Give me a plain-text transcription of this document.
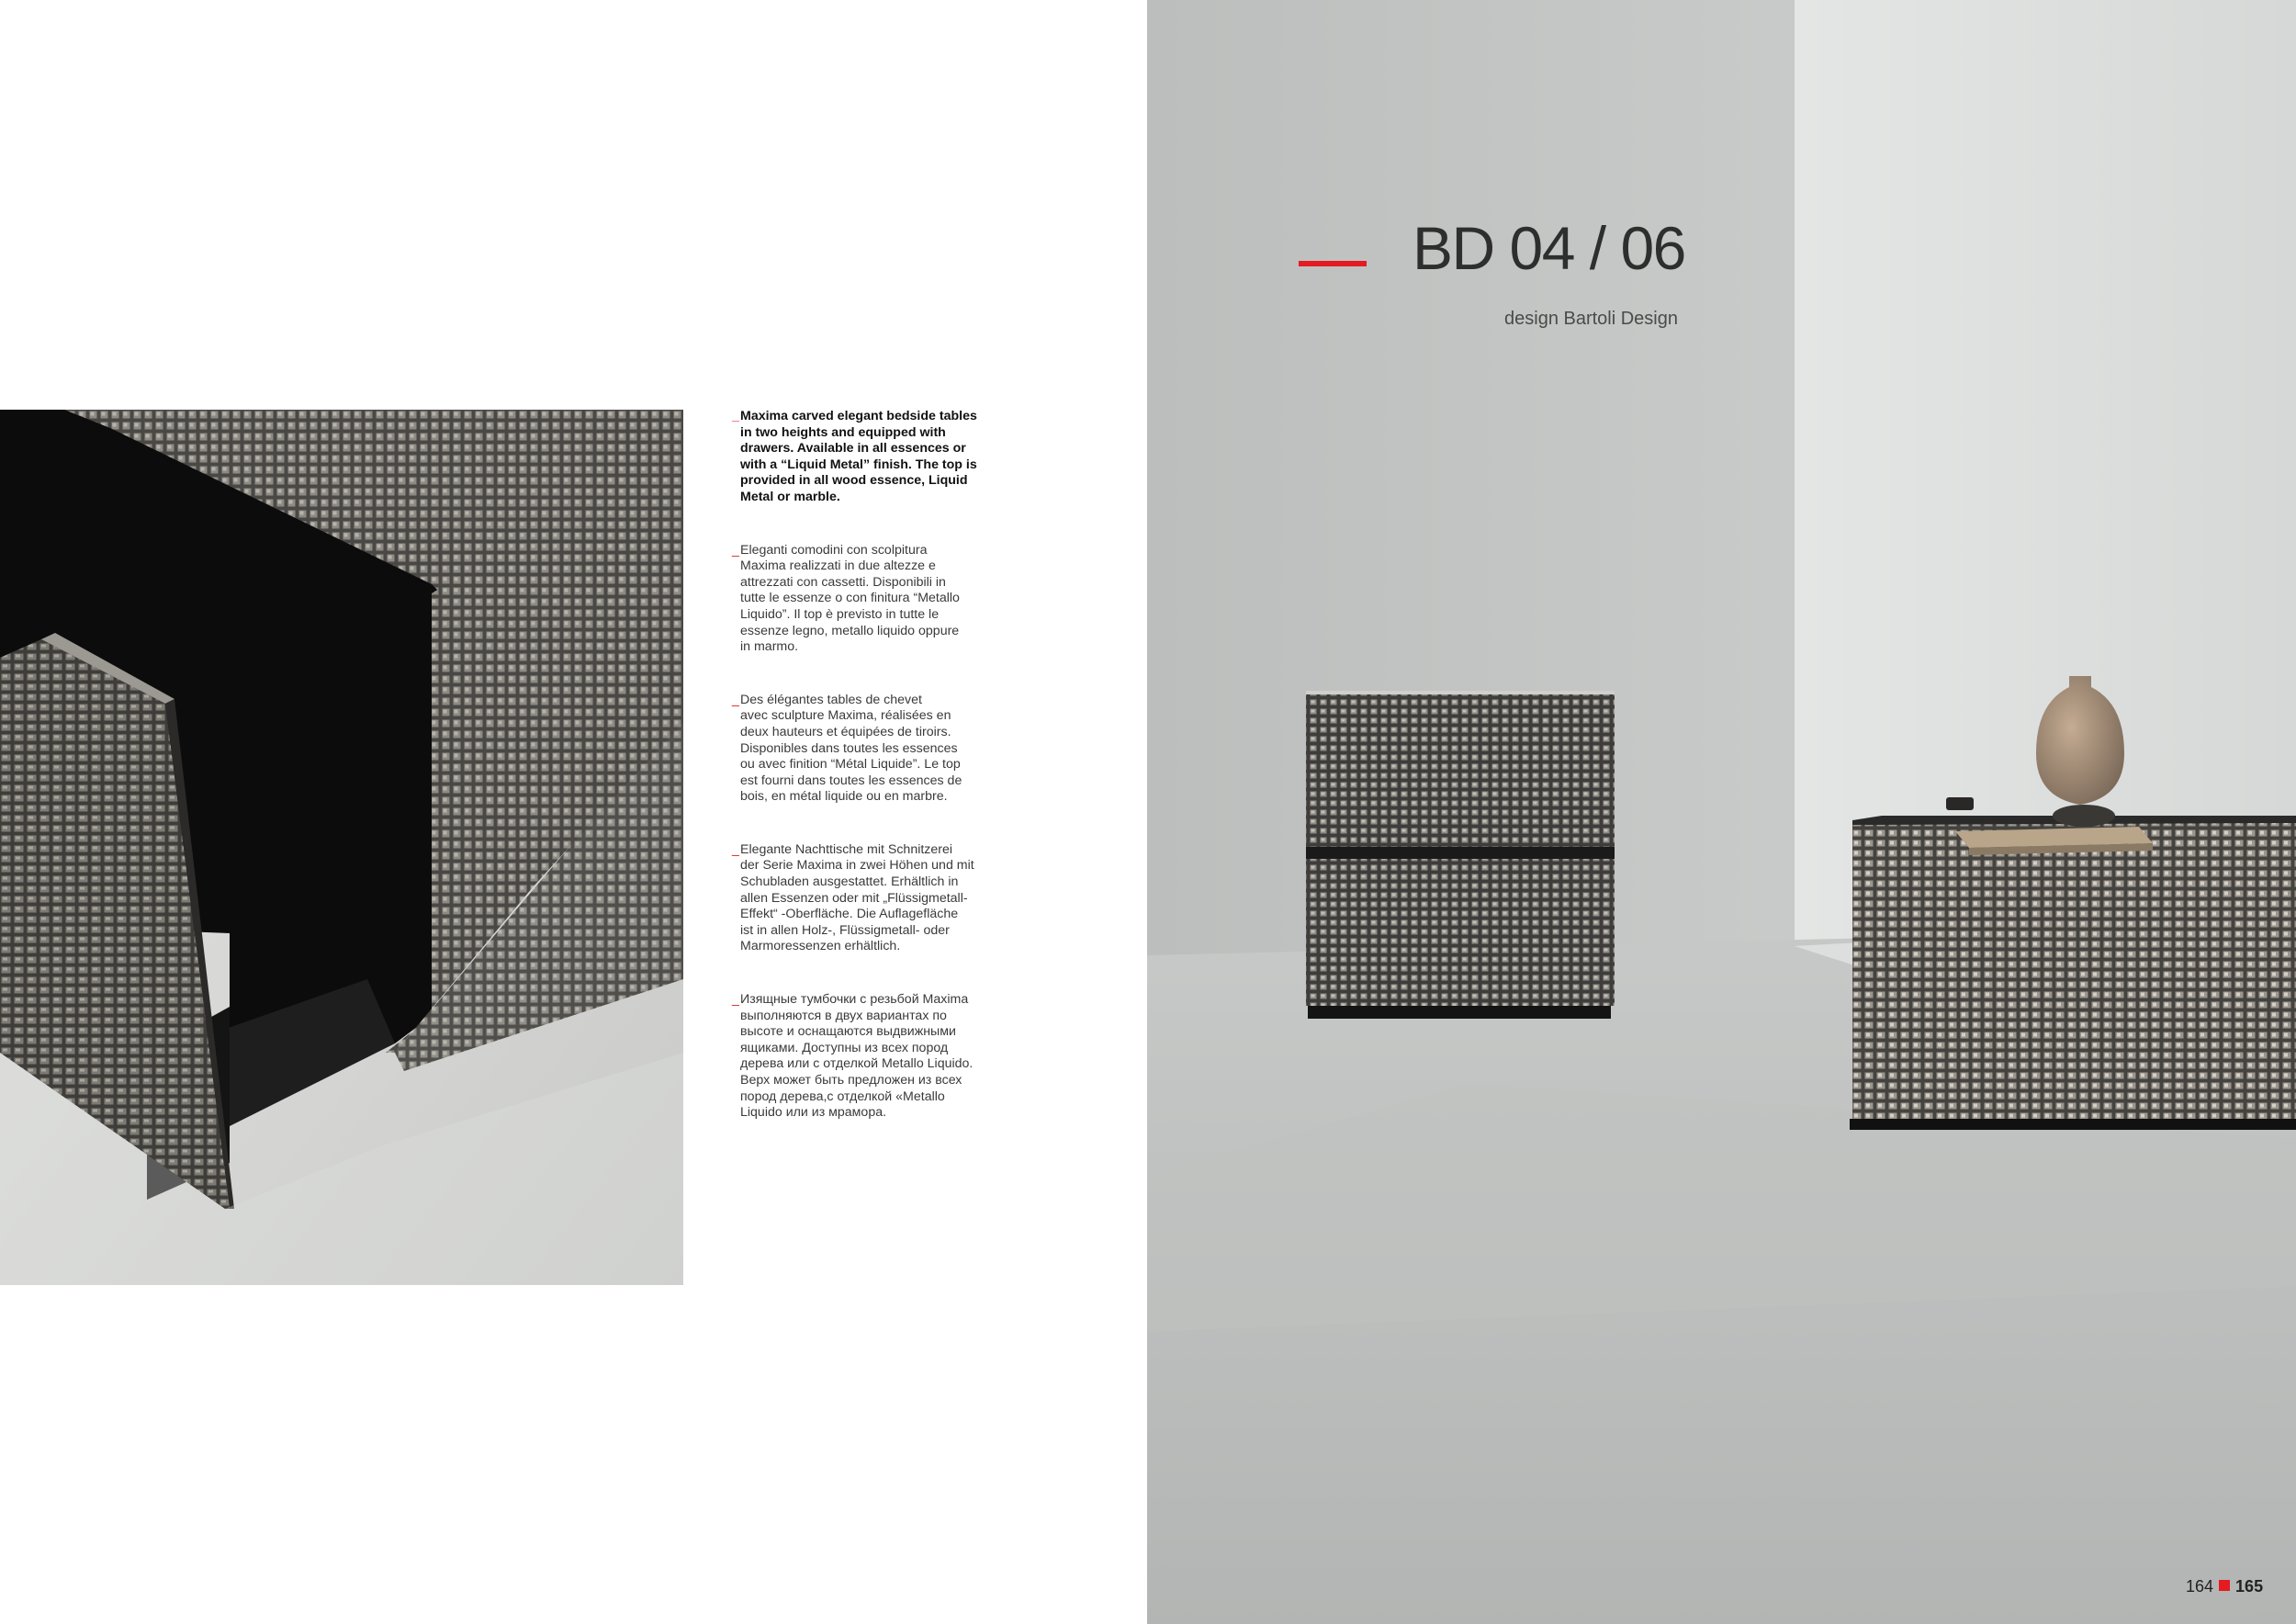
_ Maxima carved elegant bedside tables
in two heights and equipped with
drawers. Available in all essences or
with a “Liquid Metal” finish. The top is
provided in all wood essence, Liquid
Metal or marble.

_ Eleganti comodini con scolpitura
Maxima realizzati in due altezze e
attrezzati con cassetti. Disponibili in
tutte le essenze o con finitura “Metallo
Liquido”. Il top è previsto in tutte le
essenze legno, metallo liquido oppure
in marmo.

_ Des élégantes tables de chevet
avec sculpture Maxima, réalisées en
deux hauteurs et équipées de tiroirs.
Disponibles dans toutes les essences
ou avec finition “Métal Liquide”. Le top
est fourni dans toutes les essences de
bois, en métal liquide ou en marbre.

_ Elegante Nachttische mit Schnitzerei
der Serie Maxima in zwei Höhen und mit
Schubladen ausgestattet. Erhältlich in
allen Essenzen oder mit „Flüssigmetall-
Effekt“ -Oberfläche. Die Auflagefläche
ist in allen Holz-, Flüssigmetall- oder
Marmoressenzen erhältlich.

_ Изящные тумбочки с резьбой Maxima
выполняются в двух вариантах по
высоте и оснащаются выдвижными
ящиками. Доступны из всех пород
дерева или с отделкой Metallo Liquido.
Верх может быть предложен из всех
пород дерева,с отделкой «Metallo
Liquido или из мрамора.

BD 04 / 06
design Bartoli Design
164 165
